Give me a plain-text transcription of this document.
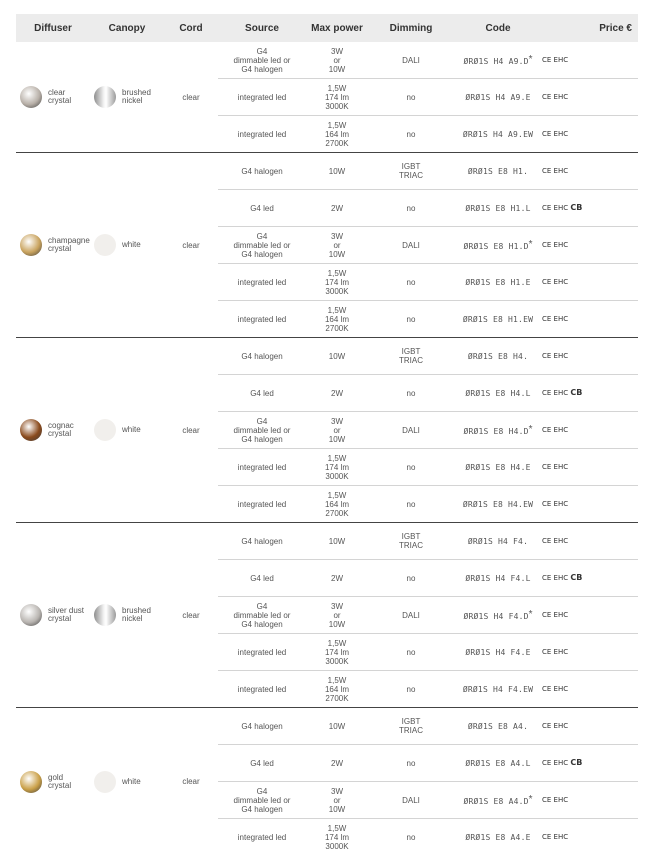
Diffuser	Canopy	Cord	Source	Max power	Dimming	Code		Price €

clear crystal	brushed nickel	clear	G4
dimmable led or
G4 halogen	3W
or
10W	DALI	ØRØ1S H4 A9.D*	CE EHC	
			integrated led	1,5W
174 lm
3000K	no	ØRØ1S H4 A9.E	CE EHC	
			integrated led	1,5W
164 lm
2700K	no	ØRØ1S H4 A9.EW	CE EHC	

champagne crystal	white	clear	G4 halogen	10W	IGBT
TRIAC	ØRØ1S E8 H1.	CE EHC	
			G4 led	2W	no	ØRØ1S E8 H1.L	CE EHC CB	
			G4
dimmable led or
G4 halogen	3W
or
10W	DALI	ØRØ1S E8 H1.D*	CE EHC	
			integrated led	1,5W
174 lm
3000K	no	ØRØ1S E8 H1.E	CE EHC	
			integrated led	1,5W
164 lm
2700K	no	ØRØ1S E8 H1.EW	CE EHC	

cognac crystal	white	clear	G4 halogen	10W	IGBT
TRIAC	ØRØ1S E8 H4.	CE EHC	
			G4 led	2W	no	ØRØ1S E8 H4.L	CE EHC CB	
			G4
dimmable led or
G4 halogen	3W
or
10W	DALI	ØRØ1S E8 H4.D*	CE EHC	
			integrated led	1,5W
174 lm
3000K	no	ØRØ1S E8 H4.E	CE EHC	
			integrated led	1,5W
164 lm
2700K	no	ØRØ1S E8 H4.EW	CE EHC	

silver dust crystal	brushed nickel	clear	G4 halogen	10W	IGBT
TRIAC	ØRØ1S H4 F4.	CE EHC	
			G4 led	2W	no	ØRØ1S H4 F4.L	CE EHC CB	
			G4
dimmable led or
G4 halogen	3W
or
10W	DALI	ØRØ1S H4 F4.D*	CE EHC	
			integrated led	1,5W
174 lm
3000K	no	ØRØ1S H4 F4.E	CE EHC	
			integrated led	1,5W
164 lm
2700K	no	ØRØ1S H4 F4.EW	CE EHC	

gold crystal	white	clear	G4 halogen	10W	IGBT
TRIAC	ØRØ1S E8 A4.	CE EHC	
			G4 led	2W	no	ØRØ1S E8 A4.L	CE EHC CB	
			G4
dimmable led or
G4 halogen	3W
or
10W	DALI	ØRØ1S E8 A4.D*	CE EHC	
			integrated led	1,5W
174 lm
3000K	no	ØRØ1S E8 A4.E	CE EHC	
